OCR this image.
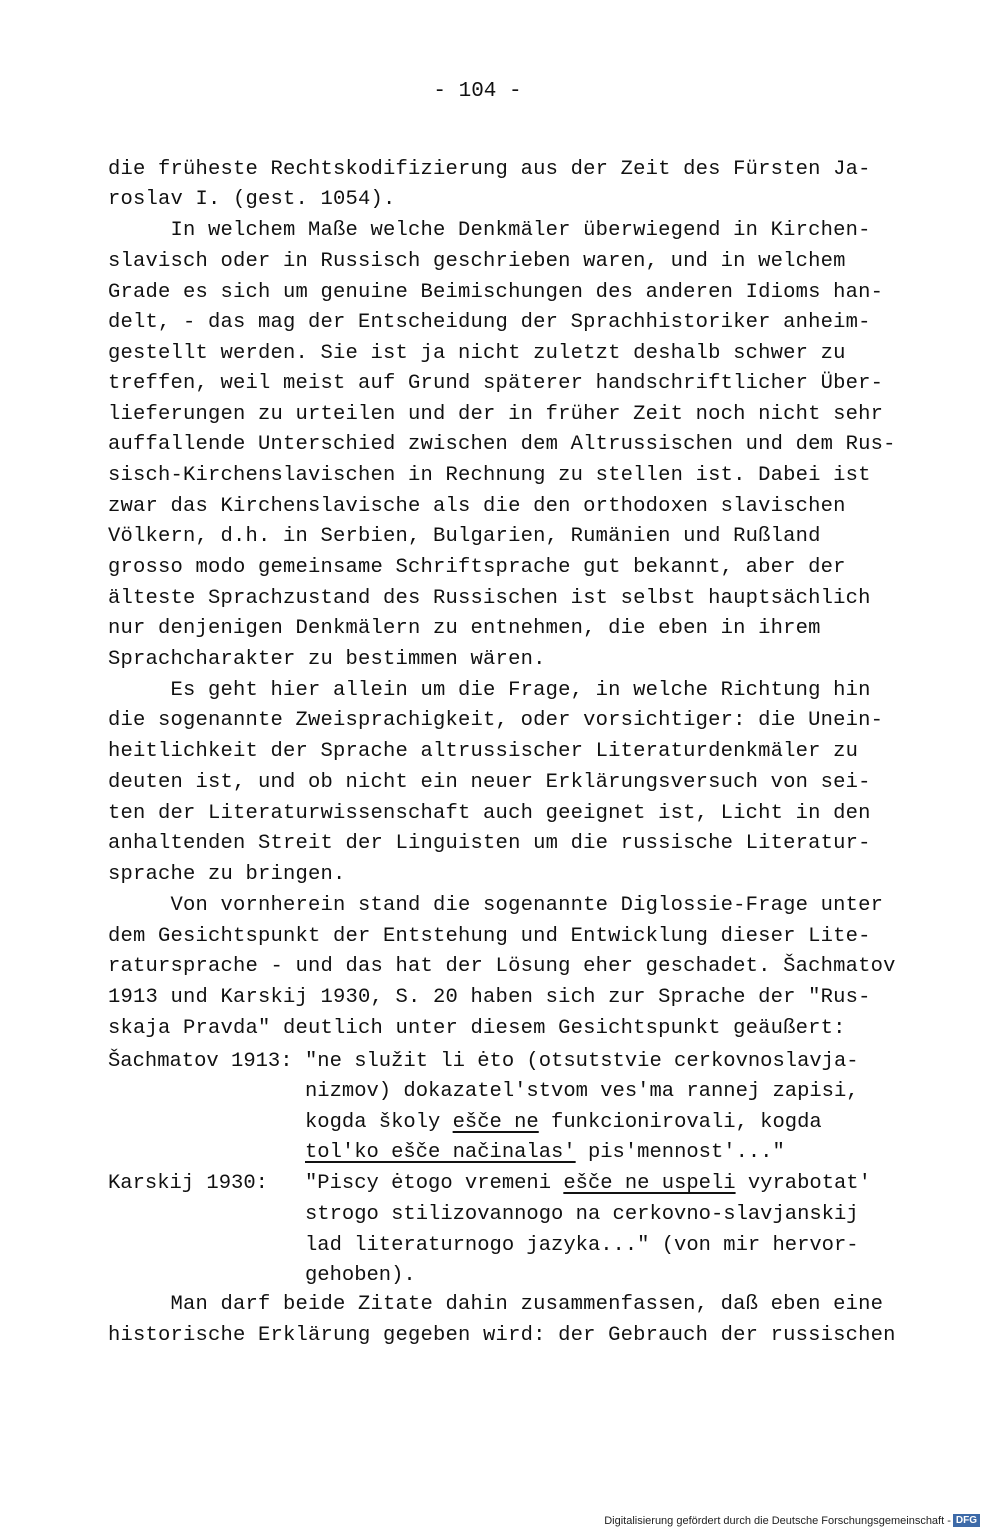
- 104 -
die früheste Rechtskodifizierung aus der Zeit des Fürsten Ja-
roslav I. (gest. 1054).
In welchem Maße welche Denkmäler überwiegend in Kirchen-
slavisch oder in Russisch geschrieben waren, und in welchem
Grade es sich um genuine Beimischungen des anderen Idioms han-
delt, - das mag der Entscheidung der Sprachhistoriker anheim-
gestellt werden. Sie ist ja nicht zuletzt deshalb schwer zu
treffen, weil meist auf Grund späterer handschriftlicher Über-
lieferungen zu urteilen und der in früher Zeit noch nicht sehr
auffallende Unterschied zwischen dem Altrussischen und dem Rus-
sisch-Kirchenslavischen in Rechnung zu stellen ist. Dabei ist
zwar das Kirchenslavische als die den orthodoxen slavischen
Völkern, d.h. in Serbien, Bulgarien, Rumänien und Rußland
grosso modo gemeinsame Schriftsprache gut bekannt, aber der
älteste Sprachzustand des Russischen ist selbst hauptsächlich
nur denjenigen Denkmälern zu entnehmen, die eben in ihrem
Sprachcharakter zu bestimmen wären.
Es geht hier allein um die Frage, in welche Richtung hin
die sogenannte Zweisprachigkeit, oder vorsichtiger: die Unein-
heitlichkeit der Sprache altrussischer Literaturdenkmäler zu
deuten ist, und ob nicht ein neuer Erklärungsversuch von sei-
ten der Literaturwissenschaft auch geeignet ist, Licht in den
anhaltenden Streit der Linguisten um die russische Literatur-
sprache zu bringen.
Von vornherein stand die sogenannte Diglossie-Frage unter
dem Gesichtspunkt der Entstehung und Entwicklung dieser Lite-
ratursprache - und das hat der Lösung eher geschadet. Šachmatov
1913 und Karskij 1930, S. 20 haben sich zur Sprache der "Rus-
skaja Pravda" deutlich unter diesem Gesichtspunkt geäußert:
Šachmatov 1913: "ne služit li ėto (otsutstvie cerkovnoslavja-
nizmov) dokazatel'stvom ves'ma rannej zapisi,
kogda školy ešče ne funkcionirovali, kogda
tol'ko ešče načinalas' pis'mennost'..."
Karskij 1930: "Piscy ėtogo vremeni ešče ne uspeli vyrabotat'
strogo stilizovannogo na cerkovno-slavjanskij
lad literaturnogo jazyka..." (von mir hervor-
gehoben).
Man darf beide Zitate dahin zusammenfassen, daß eben eine
historische Erklärung gegeben wird: der Gebrauch der russischen
Digitalisierung gefördert durch die Deutsche Forschungsgemeinschaft - DFG
